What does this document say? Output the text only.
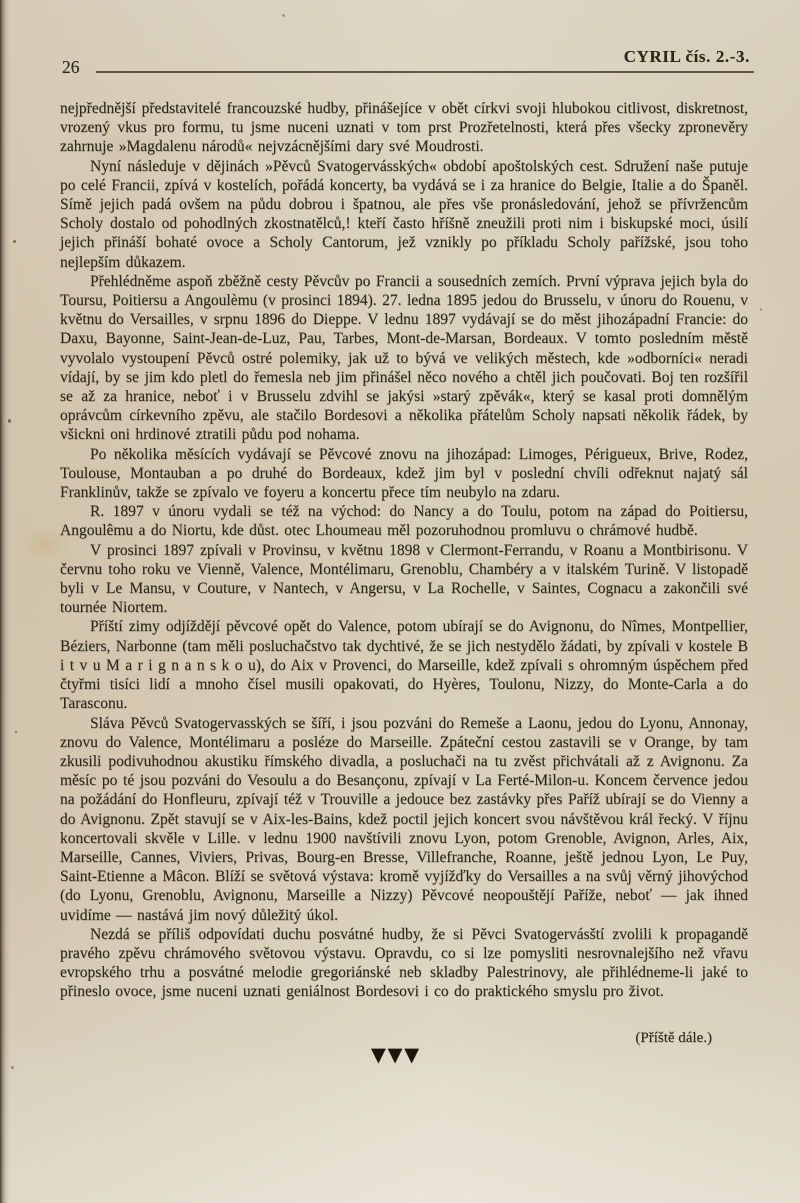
26	CYRIL čís. 2.-3.

nejpřednější představitelé francouzské hudby, přinášejíce v obět církvi svoji hlubokou citlivost, diskretnost, vrozený vkus pro formu, tu jsme nuceni uznati v tom prst Prozřetelnosti, která přes všecky zpronevěry zahrnuje »Magdalenu národů« nejvzácnějšími dary své Moudrosti.

Nyní následuje v dějinách »Pěvců Svatogervásských« období apoštolských cest. Sdružení naše putuje po celé Francii, zpívá v kostelích, pořádá koncerty, ba vydává se i za hranice do Belgie, Italie a do Španěl. Símě jejich padá ovšem na půdu dobrou i špatnou, ale přes vše pronásledování, jehož se přívržencům Scholy dostalo od pohodlných zkostnatělců,! kteří často hříšně zneužili proti nim i biskupské moci, úsilí jejich přináší bohaté ovoce a Scholy Cantorum, jež vznikly po příkladu Scholy pařížské, jsou toho nejlepším důkazem.

Přehlédněme aspoň zběžně cesty Pěvcův po Francii a sousedních zemích. První výprava jejich byla do Toursu, Poitiersu a Angoulèmu (v prosinci 1894). 27. ledna 1895 jedou do Brusselu, v únoru do Rouenu, v květnu do Versailles, v srpnu 1896 do Dieppe. V lednu 1897 vydávají se do měst jihozápadní Francie: do Daxu, Bayonne, Saint-Jean-de-Luz, Pau, Tarbes, Mont-de-Marsan, Bordeaux. V tomto posledním městě vyvolalo vystoupení Pěvců ostré polemiky, jak už to bývá ve velikých městech, kde »odborníci« neradi vídají, by se jim kdo pletl do řemesla neb jim přinášel něco nového a chtěl jich poučovati. Boj ten rozšířil se až za hranice, neboť i v Brusselu zdvihl se jakýsi »starý zpěvák«, který se kasal proti domnělým oprávcům církevního zpěvu, ale stačilo Bordesovi a několika přátelům Scholy napsati několik řádek, by všickni oni hrdinové ztratili půdu pod nohama.

Po několika měsících vydávají se Pěvcové znovu na jihozápad: Limoges, Périgueux, Brive, Rodez, Toulouse, Montauban a po druhé do Bordeaux, kdež jim byl v poslední chvíli odřeknut najatý sál Franklinův, takže se zpívalo ve foyeru a koncertu přece tím neubylo na zdaru.

R. 1897 v únoru vydali se též na východ: do Nancy a do Toulu, potom na západ do Poitiersu, Angoulêmu a do Niortu, kde důst. otec Lhoumeau měl pozoruhodnou promluvu o chrámové hudbě.

V prosinci 1897 zpívali v Provinsu, v květnu 1898 v Clermont-Ferrandu, v Roanu a Montbirisonu. V červnu toho roku ve Vienně, Valence, Montélimaru, Grenoblu, Chambéry a v italském Turině. V listopadě byli v Le Mansu, v Couture, v Nantech, v Angersu, v La Rochelle, v Saintes, Cognacu a zakončili své tournée Niortem.

Příští zimy odjíždějí pěvcové opět do Valence, potom ubírají se do Avignonu, do Nîmes, Montpellier, Béziers, Narbonne (tam měli posluchačstvo tak dychtivé, že se jich nestydělo žádati, by zpívali v kostele B i t v u M a r i g n a n s k o u), do Aix v Provenci, do Marseille, kdež zpívali s ohromným úspěchem před čtyřmi tisíci lidí a mnoho čísel musili opakovati, do Hyères, Toulonu, Nizzy, do Monte-Carla a do Tarasconu.

Sláva Pěvců Svatogervasských se šíří, i jsou pozváni do Remeše a Laonu, jedou do Lyonu, Annonay, znovu do Valence, Montélimaru a posléze do Marseille. Zpáteční cestou zastavili se v Orange, by tam zkusili podivuhodnou akustiku římského divadla, a posluchači na tu zvěst přichvátali až z Avignonu. Za měsíc po té jsou pozváni do Vesoulu a do Besançonu, zpívají v La Ferté-Milon-u. Koncem července jedou na požádání do Honfleuru, zpívají též v Trouville a jedouce bez zastávky přes Paříž ubírají se do Vienny a do Avignonu. Zpět stavují se v Aix-les-Bains, kdež poctil jejich koncert svou návštěvou král řecký. V říjnu koncertovali skvěle v Lille. v lednu 1900 navštívili znovu Lyon, potom Grenoble, Avignon, Arles, Aix, Marseille, Cannes, Viviers, Privas, Bourg-en Bresse, Villefranche, Roanne, ještě jednou Lyon, Le Puy, Saint-Etienne a Mâcon. Blíží se světová výstava: kromě vyjížďky do Versailles a na svůj věrný jihovýchod (do Lyonu, Grenoblu, Avignonu, Marseille a Nizzy) Pěvcové neopouštějí Paříže, neboť — jak ihned uvidíme — nastává jim nový důležitý úkol.

Nezdá se příliš odpovídati duchu posvátné hudby, že si Pěvci Svatogervásští zvolili k propagandě pravého zpěvu chrámového světovou výstavu. Opravdu, co si lze pomysliti nesrovnalejšího než vřavu evropského trhu a posvátné melodie gregoriánské neb skladby Palestrinovy, ale přihlédneme-li jaké to přineslo ovoce, jsme nuceni uznati geniálnost Bordesovi i co do praktického smyslu pro život.

(Příště dále.)
▼▼▼
